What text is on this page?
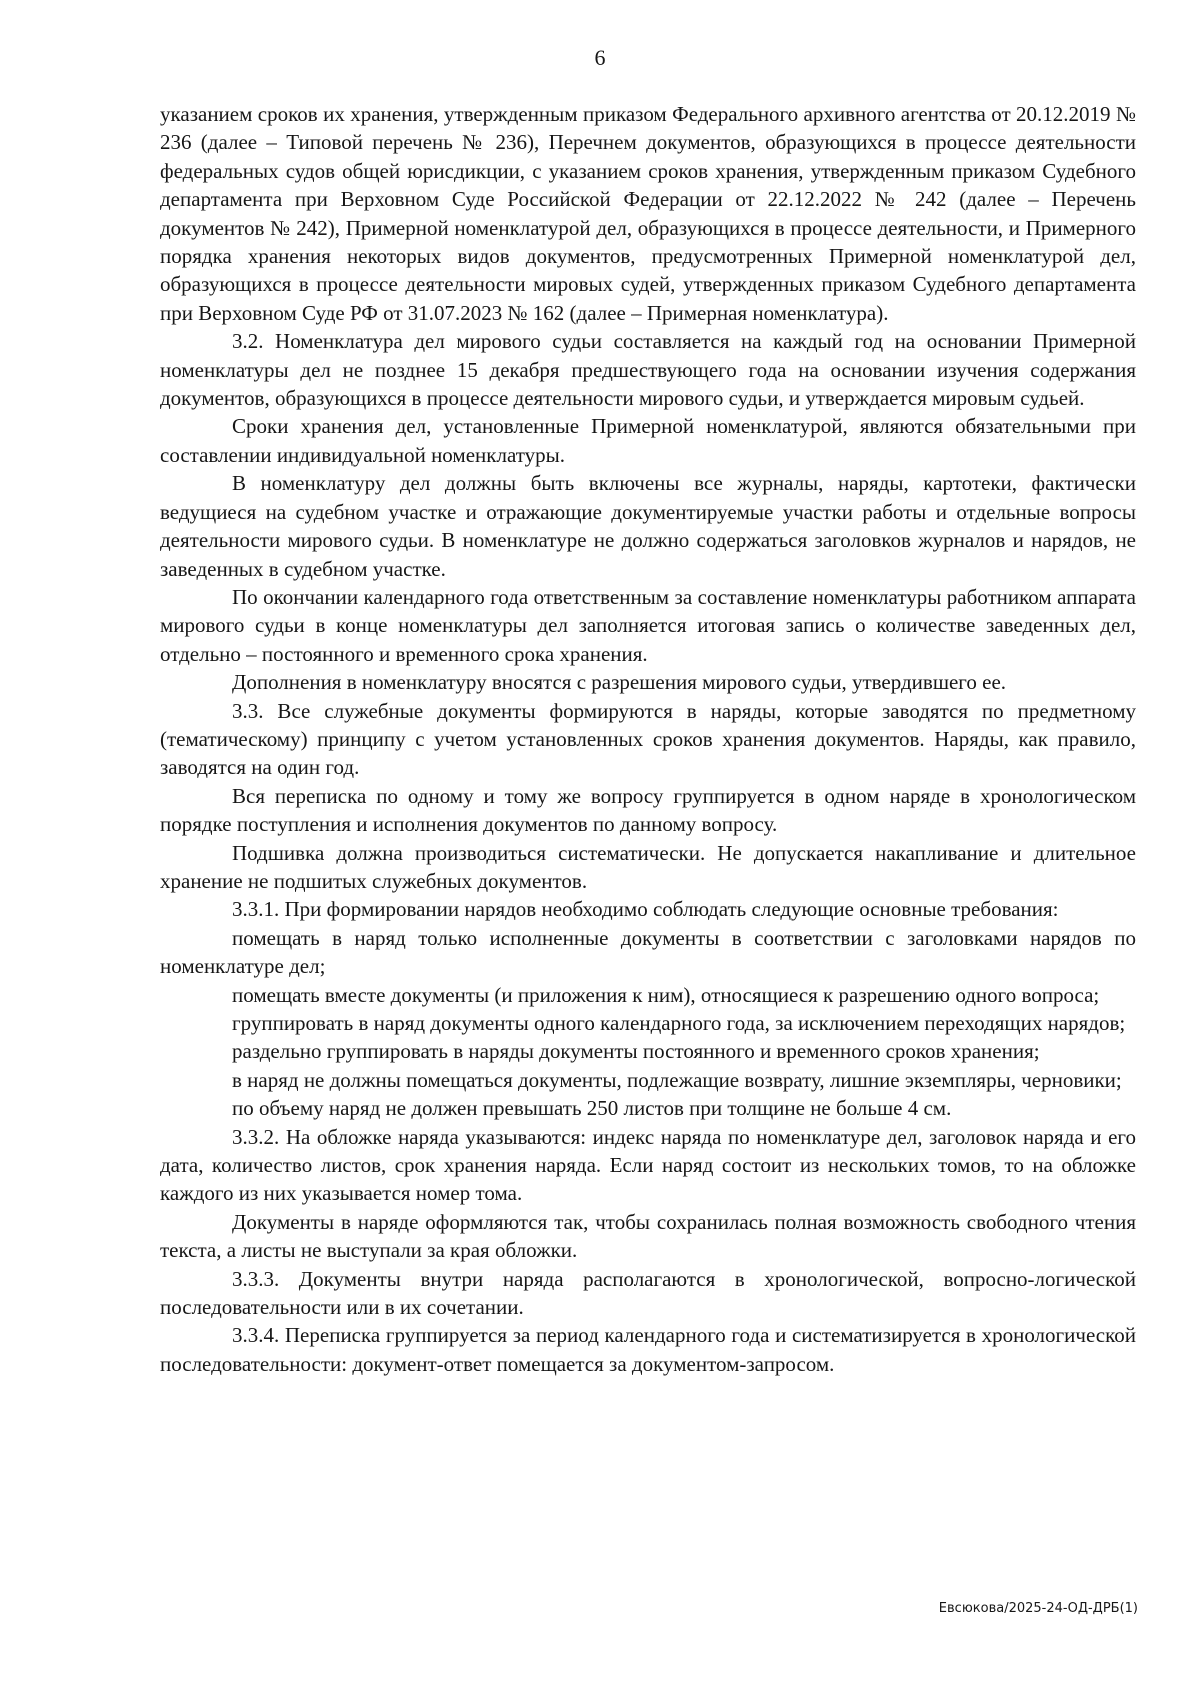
6

указанием сроков их хранения, утвержденным приказом Федерального архивного агентства от 20.12.2019 № 236 (далее – Типовой перечень № 236), Перечнем документов, образующихся в процессе деятельности федеральных судов общей юрисдикции, с указанием сроков хранения, утвержденным приказом Судебного департамента при Верховном Суде Российской Федерации от 22.12.2022 № 242 (далее – Перечень документов № 242), Примерной номенклатурой дел, образующихся в процессе деятельности, и Примерного порядка хранения некоторых видов документов, предусмотренных Примерной номенклатурой дел, образующихся в процессе деятельности мировых судей, утвержденных приказом Судебного департамента при Верховном Суде РФ от 31.07.2023 № 162 (далее – Примерная номенклатура).

3.2. Номенклатура дел мирового судьи составляется на каждый год на основании Примерной номенклатуры дел не позднее 15 декабря предшествующего года на основании изучения содержания документов, образующихся в процессе деятельности мирового судьи, и утверждается мировым судьей.

Сроки хранения дел, установленные Примерной номенклатурой, являются обязательными при составлении индивидуальной номенклатуры.

В номенклатуру дел должны быть включены все журналы, наряды, картотеки, фактически ведущиеся на судебном участке и отражающие документируемые участки работы и отдельные вопросы деятельности мирового судьи. В номенклатуре не должно содержаться заголовков журналов и нарядов, не заведенных в судебном участке.

По окончании календарного года ответственным за составление номенклатуры работником аппарата мирового судьи в конце номенклатуры дел заполняется итоговая запись о количестве заведенных дел, отдельно – постоянного и временного срока хранения.

Дополнения в номенклатуру вносятся с разрешения мирового судьи, утвердившего ее.

3.3. Все служебные документы формируются в наряды, которые заводятся по предметному (тематическому) принципу с учетом установленных сроков хранения документов. Наряды, как правило, заводятся на один год.

Вся переписка по одному и тому же вопросу группируется в одном наряде в хронологическом порядке поступления и исполнения документов по данному вопросу.

Подшивка должна производиться систематически. Не допускается накапливание и длительное хранение не подшитых служебных документов.

3.3.1. При формировании нарядов необходимо соблюдать следующие основные требования:

помещать в наряд только исполненные документы в соответствии с заголовками нарядов по номенклатуре дел;

помещать вместе документы (и приложения к ним), относящиеся к разрешению одного вопроса;

группировать в наряд документы одного календарного года, за исключением переходящих нарядов;

раздельно группировать в наряды документы постоянного и временного сроков хранения;

в наряд не должны помещаться документы, подлежащие возврату, лишние экземпляры, черновики;

по объему наряд не должен превышать 250 листов при толщине не больше 4 см.

3.3.2. На обложке наряда указываются: индекс наряда по номенклатуре дел, заголовок наряда и его дата, количество листов, срок хранения наряда. Если наряд состоит из нескольких томов, то на обложке каждого из них указывается номер тома.

Документы в наряде оформляются так, чтобы сохранилась полная возможность свободного чтения текста, а листы не выступали за края обложки.

3.3.3. Документы внутри наряда располагаются в хронологической, вопросно-логической последовательности или в их сочетании.

3.3.4. Переписка группируется за период календарного года и систематизируется в хронологической последовательности: документ-ответ помещается за документом-запросом.

Евсюкова/2025-24-ОД-ДРБ(1)
